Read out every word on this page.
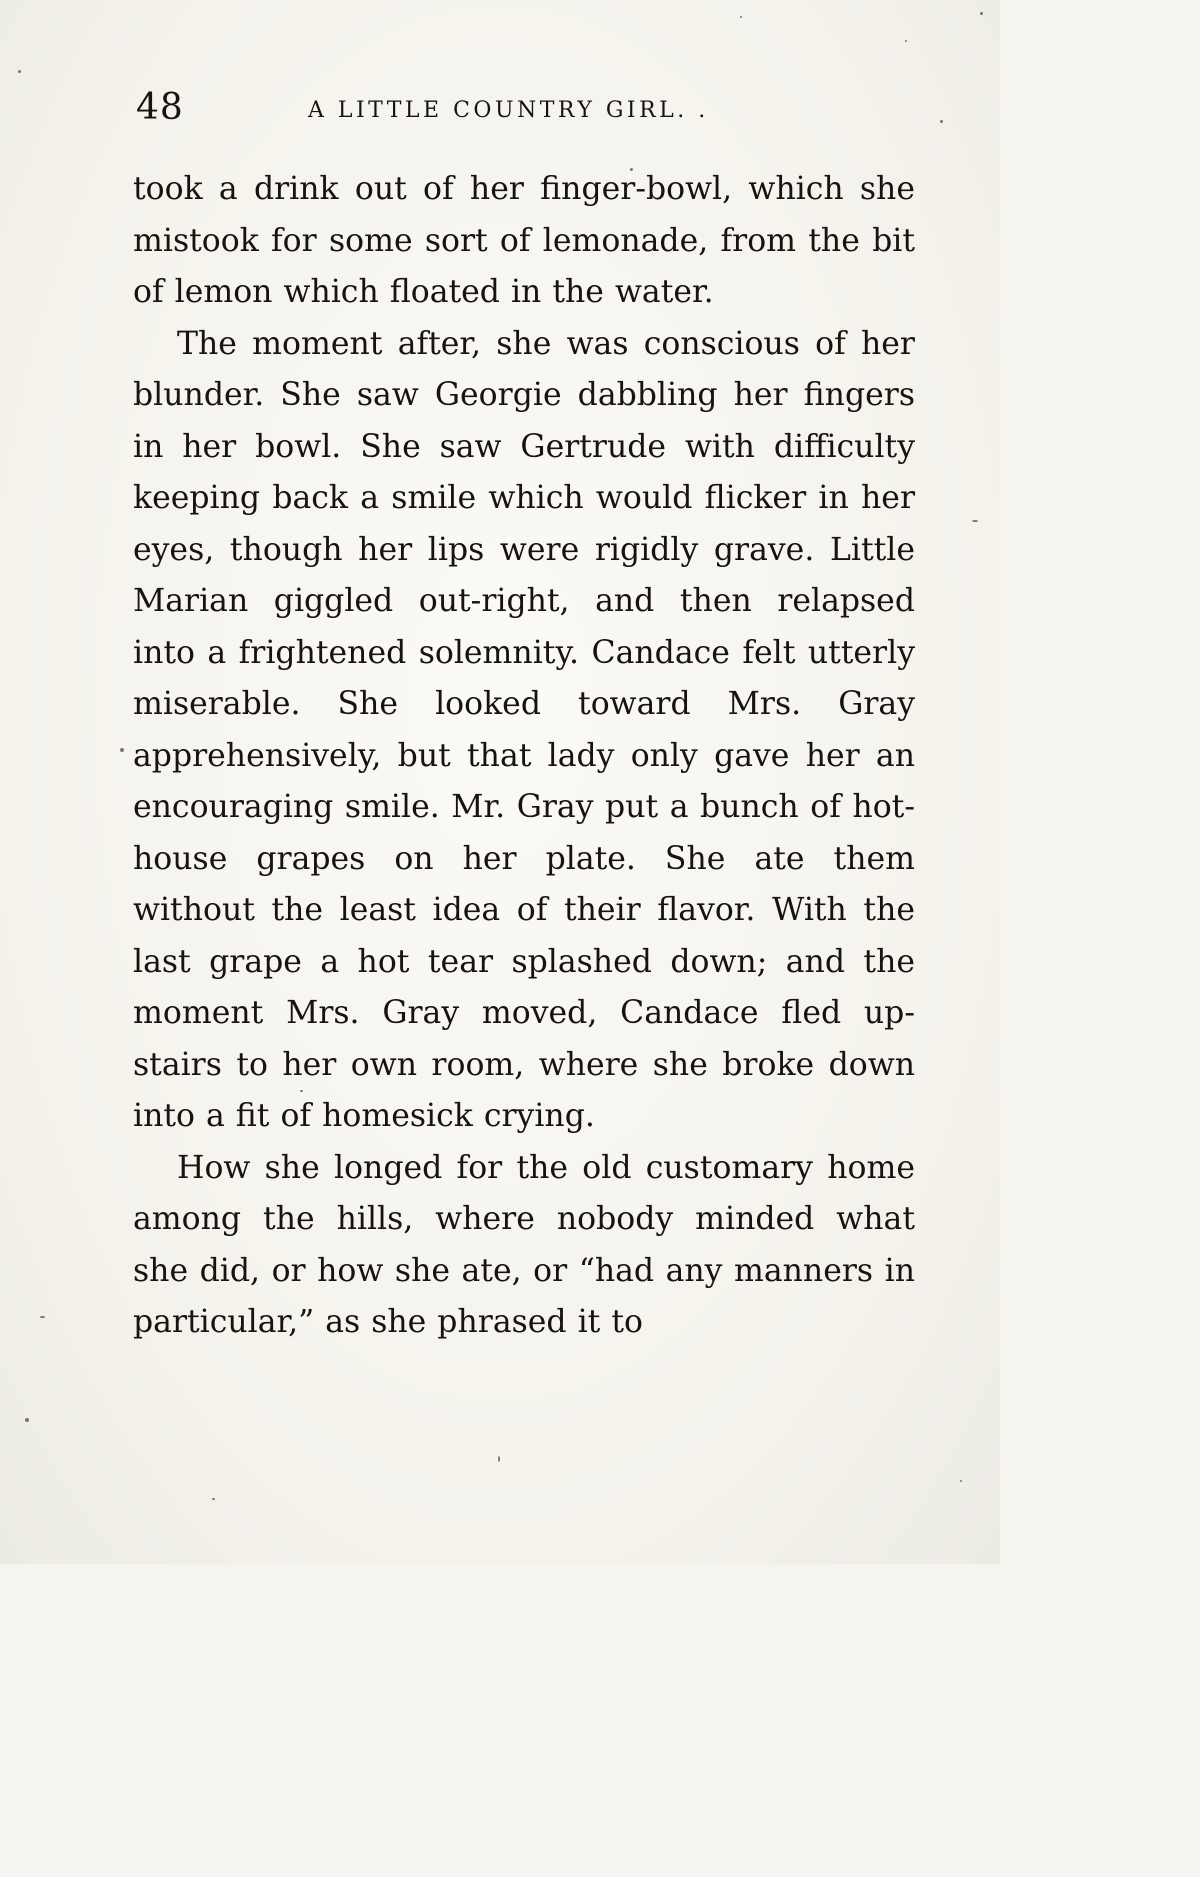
48	A LITTLE COUNTRY GIRL. .

took a drink out of her finger-bowl, which she mistook for some sort of lemonade, from the bit of lemon which floated in the water.

The moment after, she was conscious of her blunder. She saw Georgie dabbling her fingers in her bowl. She saw Gertrude with difficulty keeping back a smile which would flicker in her eyes, though her lips were rigidly grave. Little Marian giggled out-right, and then relapsed into a frightened solemnity. Candace felt utterly miserable. She looked toward Mrs. Gray apprehensively, but that lady only gave her an encouraging smile. Mr. Gray put a bunch of hot-house grapes on her plate. She ate them without the least idea of their flavor. With the last grape a hot tear splashed down; and the moment Mrs. Gray moved, Candace fled up-stairs to her own room, where she broke down into a fit of homesick crying.

How she longed for the old customary home among the hills, where nobody minded what she did, or how she ate, or “had any manners in particular,” as she phrased it to
